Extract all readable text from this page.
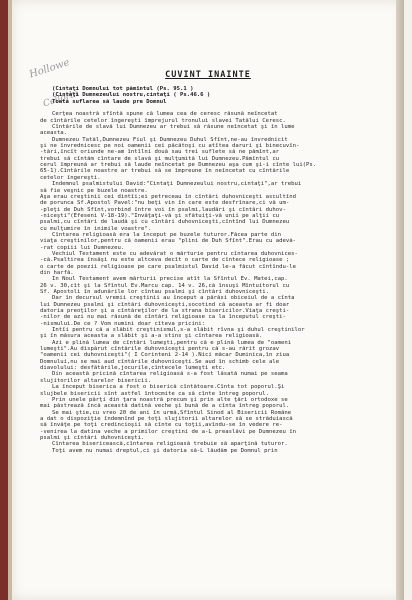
Hollowe
Cellorbi
CUVINT INAINTE
(Cintaţi Domnului tot pămîntul (Ps. 95.1 )
(Cintaţi Dumnezeului nostru,cintaţi ( Ps.46.6 )
Toată suflarea să laude pre Domnul

Cerţea noastră sfîntă spune că lumea cea de ceresc răsună neîncetat
de cîntările cetelor îngereşti împrejurul tronului slavei Tatălui Ceresc.
Cîntările de slavă lui Dumnezeu ar trebui să răsune neîncetat şi în lume
aceasta.
Dumnezeu Tatăl,Dumnezeu Fiul şi Dumnezeu Duhul Sfînt,ne-au învrednicit
şi ne învrednicesc pe noi oamenii cei păcătoşi cu atîtea daruri şi binecuvîn-
-tări,încît oriunde ne-am întîlni două sau trei suflete să ne pămînt,ar
trebui să cîntăm cîntare de slavă şi mulţumită lui Dumnezeu.Pămîntul cu
cerul împreună ar trebui să laude neîncetat pe Dumnezeu aşa cum şi-i cînte lui(Ps.
65-1).Cîntările noastre ar trebui să se împreune în neîncetat cu cîntările
cetelor îngereşti.
Îndemnul psalmistului David:"Cintaţi Dumnezeului nostru,cintaţi",ar trebui
să fie veşnic pe buzele noastre.
Aşa erau creştinii cei dintîi;ei petreceau în cîntări duhovniceşti ascultînd
de porunca Sf.Apostol Pavel:"nu beţi vin în care este desfrînare,ci vă um-
-pleţi de Duh Sfînt,vorbind între voi în psalmi,laudări şi cîntări duhov-
-niceşti"(Efeseni V-18-19)."Învăţaţi-vă şi sfătuiţi-vă unii pe alţii cu
psalmi,cu cîntări de laudă şi cu cîntări duhovniceşti,cîntînd lui Dumnezeu
cu mulţumire în inimile voastre".
Cîntarea religioasă era la început pe buzele tuturor.Făcea parte din
viaţa creştinilor,pentru că oamenii erau "plini de Duh Sfînt".Erau cu adevă-
-rat copiii lui Dumnezeu.
Vechiul Testament este cu adevărat o mărturie pentru cîntarea duhovnices-
-că.Psaltirea însăşi nu este altceva decît o carte de cîntece religioase ;
o carte de poezii religioase pe care psalmistul David le-a făcut cîntîndu-le
din harfă.
În Noul Testament avem mărturii precise atît la Sfîntul Ev. Matei,cap.
26 v. 30,cît şi la Sfîntul Ev.Marcu cap. 14 v. 26,că însuşi Mîntuitorul cu
Sf. Apostoli în adunările lor cîntau psalmi şi cîntări duhovniceşti.
Dar în decursul vremii creştinii au început a părăsi obiceiul de a cînta
lui Dumnezeu psalmi şi cîntări duhovniceşti,socotind că aceasta ar fi doar
datoria preoţilor şi a cîntăreţilor de la strana bisericilor.Viaţa creşti-
-nilor de azi nu mai răsună de cîntări religioase ca la începutul creşti-
-nismului.De ce ? Vom numini doar cîteva pricini:
Întîi pentru că a slăbit creştinismul,s-a slăbit rîvna şi duhul creştinilor
şi în măsura aceasta a slăbit şi a-a stins şi cîntarea religioasă.
Azi e plină lumea de cîntări lumeşti,pentru că e plină lumea de "oameni
lumeşti".Au dispărut cîntările duhovniceşti pentru că s-au rărit grozav
"oamenii cei duhovniceşti"( I Corinteni 2-14 ).Nici măcar Duminica,în ziua
Domnului,nu se mai aud cîntările duhovniceşti.Se aud în schimb cele ale
diavolului: desfătările,jocurile,cîntecele lumeşti etc.
Din această pricină cîntarea religioasă s-a fost lăsată numai pe seama
slujitorilor altarelor bisericii.
La început biserica a fost o biserică cîntătoare.Cînta tot poporul.Şi
slujbele bisericii sînt astfel întocmite ca să cînte întreg poporul.
Prin unele părţi din ţara noastră precum şi prin alte ţări ortodoxe se
mai păstrează încă această datină veche şi bună de a cînta întreg poporul.
Se mai ştie,cu vreo 20 de ani în urmă,Sfîntul Sinod al Bisericii Române
a dat o dispoziţie îndemnînd pe toţi slujitorii altarelor să se străduiască
să învăţe pe toţi credincioşii să cînte cu toţii,avîndu-se în vedere re-
-venirea la datina veche a primilor creştini de a-L preaslăvi pe Dumnezeu în
psalmi şi cîntări duhovniceşti.
Cîntarea bisericească,cîntarea religioasă trebuie să aparţină tuturor.
Toţi avem nu numai dreptul,ci şi datoria să-L lăudăm pe Domnul prin
